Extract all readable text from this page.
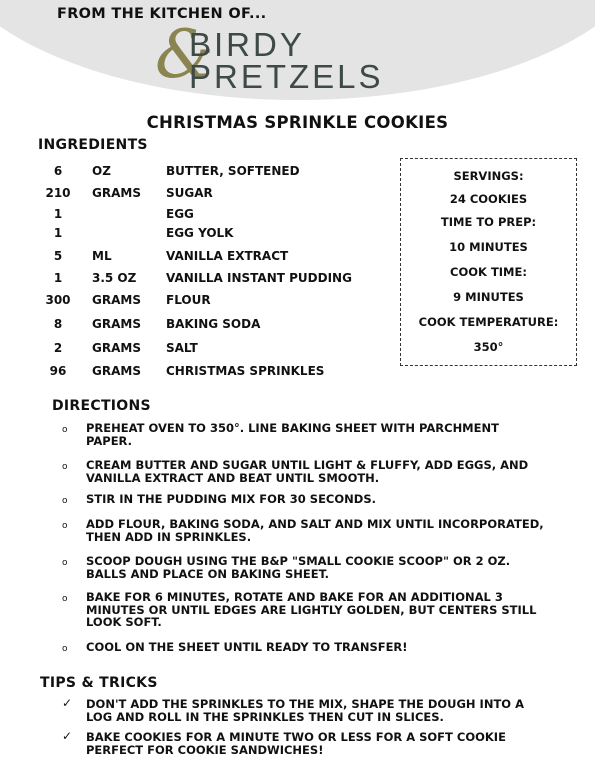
FROM THE KITCHEN OF...
&
BIRDY
PRETZELS
CHRISTMAS SPRINKLE COOKIES
INGREDIENTS
6	OZ	BUTTER, SOFTENED
210	GRAMS SUGAR
1	EGG
1	EGG YOLK
5	ML	VANILLA EXTRACT
1	3.5 OZ VANILLA INSTANT PUDDING
300	GRAMS FLOUR
8	GRAMS BAKING SODA
2	GRAMS SALT
96	GRAMS CHRISTMAS SPRINKLES
SERVINGS:
24 COOKIES
TIME TO PREP:
10 MINUTES
COOK TIME:
9 MINUTES
COOK TEMPERATURE:
350°
DIRECTIONS
o PREHEAT OVEN TO 350°. LINE BAKING SHEET WITH PARCHMENT PAPER.
o CREAM BUTTER AND SUGAR UNTIL LIGHT & FLUFFY, ADD EGGS, AND VANILLA EXTRACT AND BEAT UNTIL SMOOTH.
o STIR IN THE PUDDING MIX FOR 30 SECONDS.
o ADD FLOUR, BAKING SODA, AND SALT AND MIX UNTIL INCORPORATED, THEN ADD IN SPRINKLES.
o SCOOP DOUGH USING THE B&P "SMALL COOKIE SCOOP" OR 2 OZ. BALLS AND PLACE ON BAKING SHEET.
o BAKE FOR 6 MINUTES, ROTATE AND BAKE FOR AN ADDITIONAL 3 MINUTES OR UNTIL EDGES ARE LIGHTLY GOLDEN, BUT CENTERS STILL LOOK SOFT.
o COOL ON THE SHEET UNTIL READY TO TRANSFER!
TIPS & TRICKS
✓ DON'T ADD THE SPRINKLES TO THE MIX, SHAPE THE DOUGH INTO A LOG AND ROLL IN THE SPRINKLES THEN CUT IN SLICES.
✓ BAKE COOKIES FOR A MINUTE TWO OR LESS FOR A SOFT COOKIE PERFECT FOR COOKIE SANDWICHES!
